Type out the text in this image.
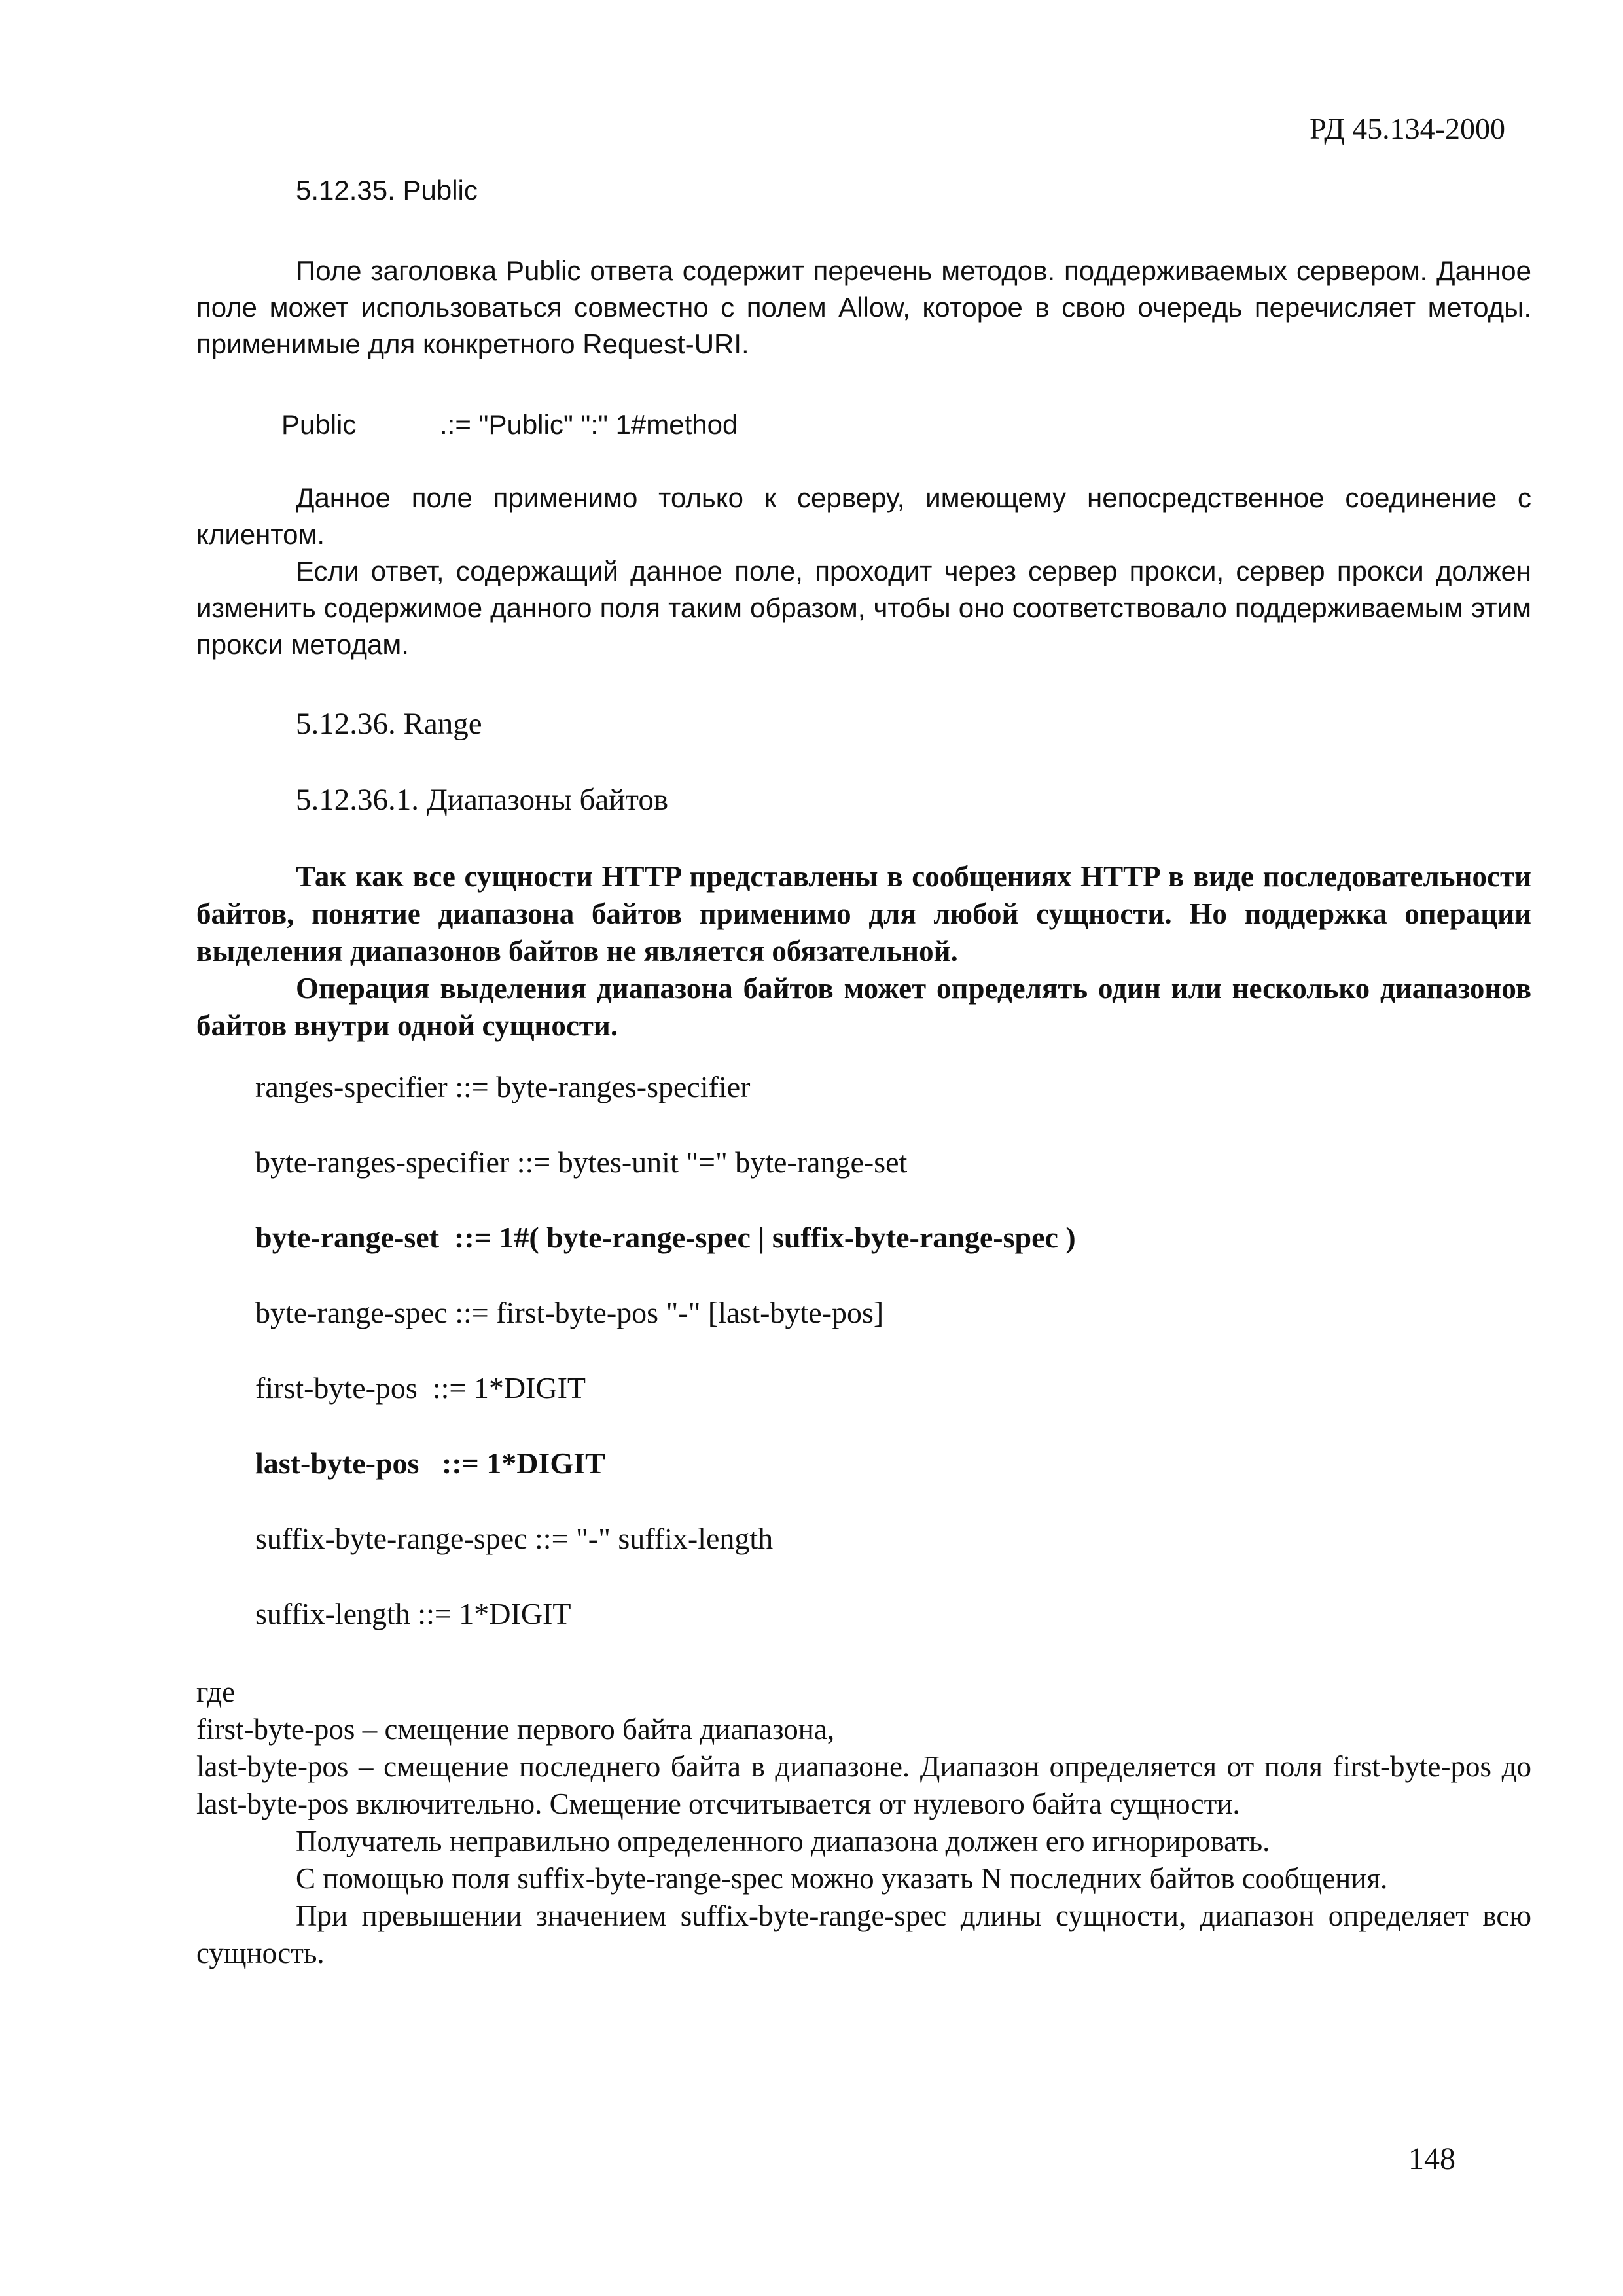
РД 45.134-2000
5.12.35. Public

Поле заголовка Public ответа содержит перечень методов. поддерживаемых сервером. Данное поле может использоваться совместно с полем Allow, которое в свою очередь перечисляет методы. применимые для конкретного Request-URI.

Public	.:= "Public" ":" 1#method

Данное поле применимо только к серверу, имеющему непосредственное соединение с клиентом.

Если ответ, содержащий данное поле, проходит через сервер прокси, сервер прокси должен изменить содержимое данного поля таким образом, чтобы оно соответствовало поддерживаемым этим прокси методам.

5.12.36. Range
5.12.36.1. Диапазоны байтов

Так как все сущности HTTP представлены в сообщениях HTTP в виде последовательности байтов, понятие диапазона байтов применимо для любой сущности. Но поддержка операции выделения диапазонов байтов не является обязательной.

Операция выделения диапазона байтов может определять один или несколько диапазонов байтов внутри одной сущности.

ranges-specifier ::= byte-ranges-specifier
byte-ranges-specifier ::= bytes-unit "=" byte-range-set
byte-range-set  ::= 1#( byte-range-spec | suffix-byte-range-spec )
byte-range-spec ::= first-byte-pos "-" [last-byte-pos]
first-byte-pos  ::= 1*DIGIT
last-byte-pos   ::= 1*DIGIT
suffix-byte-range-spec ::= "-" suffix-length
suffix-length ::= 1*DIGIT

где

first-byte-pos – смещение первого байта диапазона,

last-byte-pos – смещение последнего байта в диапазоне. Диапазон определяется от поля first-byte-pos до last-byte-pos включительно. Смещение отсчитывается от нулевого байта сущности.

Получатель неправильно определенного диапазона должен его игнорировать.

С помощью поля suffix-byte-range-spec можно указать N последних байтов сообщения.

При превышении значением suffix-byte-range-spec длины сущности, диапазон определяет всю сущность.

148
